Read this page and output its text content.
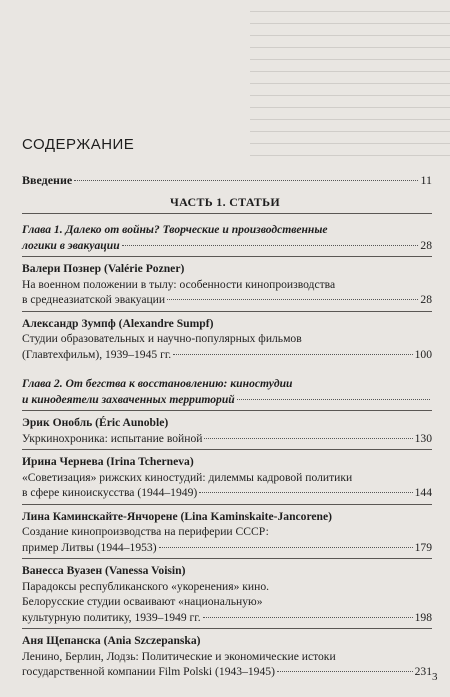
СОДЕРЖАНИЕ
Введение	11
ЧАСТЬ 1. СТАТЬИ
Глава 1. Далеко от войны? Творческие и производственные
логики в эвакуации	28
Валери Познер (Valérie Pozner)
На военном положении в тылу: особенности кинопроизводства
в среднеазиатской эвакуации	28
Александр Зумпф (Alexandre Sumpf)
Студии образовательных и научно-популярных фильмов
(Главтехфильм), 1939–1945 гг.	100
Глава 2. От бегства к восстановлению: киностудии
и кинодеятели захваченных территорий
Эрик Онобль (Éric Aunoble)
Укркинохроника: испытание войной	130
Ирина Чернева (Irina Tcherneva)
«Советизация» рижских киностудий: дилеммы кадровой политики
в сфере киноискусства (1944–1949)	144
Лина Каминскайте-Янчорене (Lina Kaminskaite-Jancorene)
Создание кинопроизводства на периферии СССР:
пример Литвы (1944–1953)	179
Ванесса Вуазен (Vanessa Voisin)
Парадоксы республиканского «укоренения» кино.
Белорусские студии осваивают «национальную»
культурную политику, 1939–1949 гг.	198
Аня Щепанска (Ania Szczepanska)
Ленино, Берлин, Лодзь: Политические и экономические истоки
государственной компании Film Polski (1943–1945)	231 3
